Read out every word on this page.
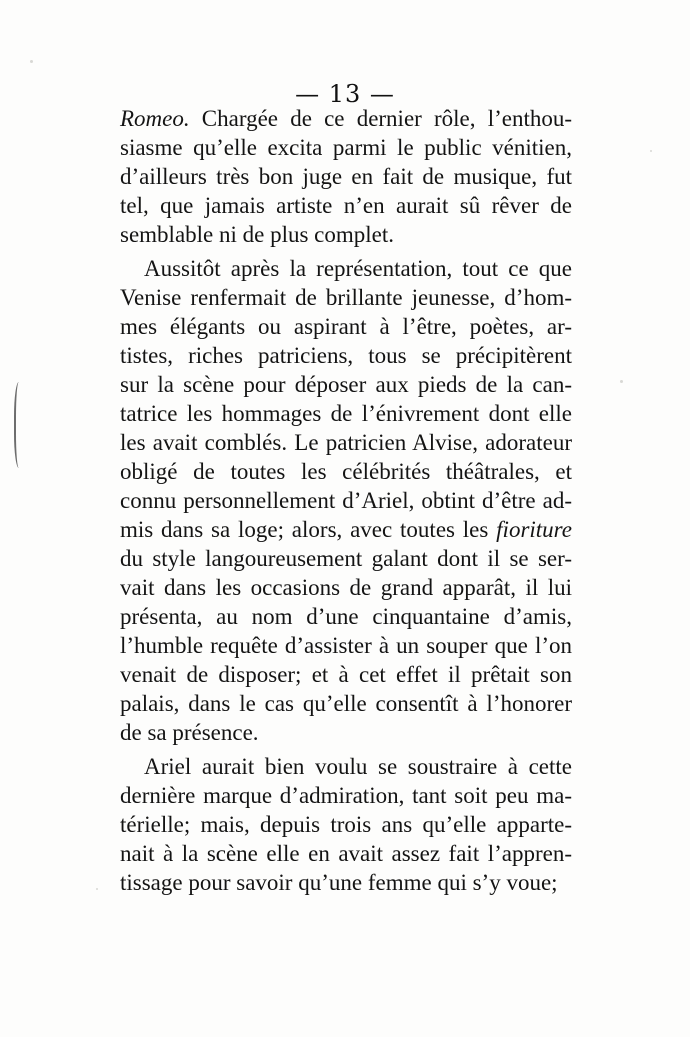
— 13 —
Romeo. Chargée de ce dernier rôle, l’enthou-
siasme qu’elle excita parmi le public vénitien,
d’ailleurs très bon juge en fait de musique, fut
tel, que jamais artiste n’en aurait sû rêver de
semblable ni de plus complet.
Aussitôt après la représentation, tout ce que
Venise renfermait de brillante jeunesse, d’hom-
mes élégants ou aspirant à l’être, poètes, ar-
tistes, riches patriciens, tous se précipitèrent
sur la scène pour déposer aux pieds de la can-
tatrice les hommages de l’énivrement dont elle
les avait comblés. Le patricien Alvise, adorateur
obligé de toutes les célébrités théâtrales, et
connu personnellement d’Ariel, obtint d’être ad-
mis dans sa loge; alors, avec toutes les fioriture
du style langoureusement galant dont il se ser-
vait dans les occasions de grand apparât, il lui
présenta, au nom d’une cinquantaine d’amis,
l’humble requête d’assister à un souper que l’on
venait de disposer; et à cet effet il prêtait son
palais, dans le cas qu’elle consentît à l’honorer
de sa présence.
Ariel aurait bien voulu se soustraire à cette
dernière marque d’admiration, tant soit peu ma-
térielle; mais, depuis trois ans qu’elle apparte-
nait à la scène elle en avait assez fait l’appren-
tissage pour savoir qu’une femme qui s’y voue;
